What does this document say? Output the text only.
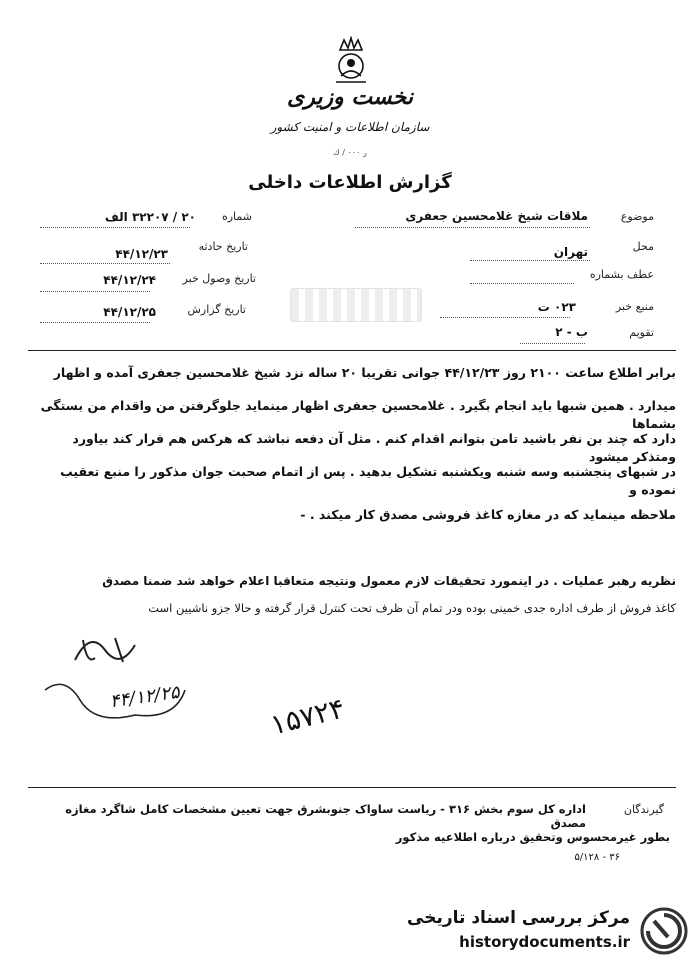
نخست وزیری
سازمان اطلاعات و امنیت کشور
ر ۰۰۰ / ك
گزارش اطلاعات داخلی
موضوع
ملاقات شیخ غلامحسین جعفری
محل
تهران
عطف بشماره
منبع خبر
۰۲۳ ت
تقویم
ب - ۲
شماره
۲۰ / ۳۲۲۰۷ الف
تاریخ حادثه
۴۴/۱۲/۲۳
تاریخ وصول خبر
۴۴/۱۲/۲۴
تاریخ گزارش
۴۴/۱۲/۲۵
برابر اطلاع ساعت ۲۱۰۰ روز ۴۴/۱۲/۲۳ جوانی تقریبا ۲۰ ساله نزد شیخ غلامحسین جعفری آمده و اظهار
میدارد . همین شبها باید انجام بگیرد . غلامحسین جعفری اظهار مینماید جلوگرفتن من واقدام من بستگی بشماها
دارد که چند بن نفر باشید تامن بتوانم اقدام کنم . مثل آن دفعه نباشد که هرکس هم فرار کند بیاورد ومتذکر میشود
در شبهای پنجشنبه وسه شنبه ویکشنبه تشکیل بدهید . پس از اتمام صحبت جوان مذکور را منبع تعقیب نموده و
ملاحظه مینماید که در مغازه کاغذ فروشی مصدق کار میکند . -
نظریه رهبر عملیات . در اینمورد تحقیقات لازم معمول ونتیجه متعاقبا اعلام خواهد شد ضمنا مصدق
کاغذ فروش از طرف اداره جدی خمینی بوده ودر تمام آن ظرف تحت کنترل قرار گرفته و حالا جزو ناشیین است
۴۴/۱۲/۲۵	۱۵۷۲۴
گیرندگان
اداره کل سوم بخش ۳۱۶ - ریاست ساواک جنوبشرق جهت تعیین مشخصات کامل شاگرد مغازه مصدق
بطور غیرمحسوس وتحقیق درباره اطلاعیه مذکور
۵/۱۲۸ - ۳۶
مرکز بررسی اسناد تاریخی
historydocuments.ir
